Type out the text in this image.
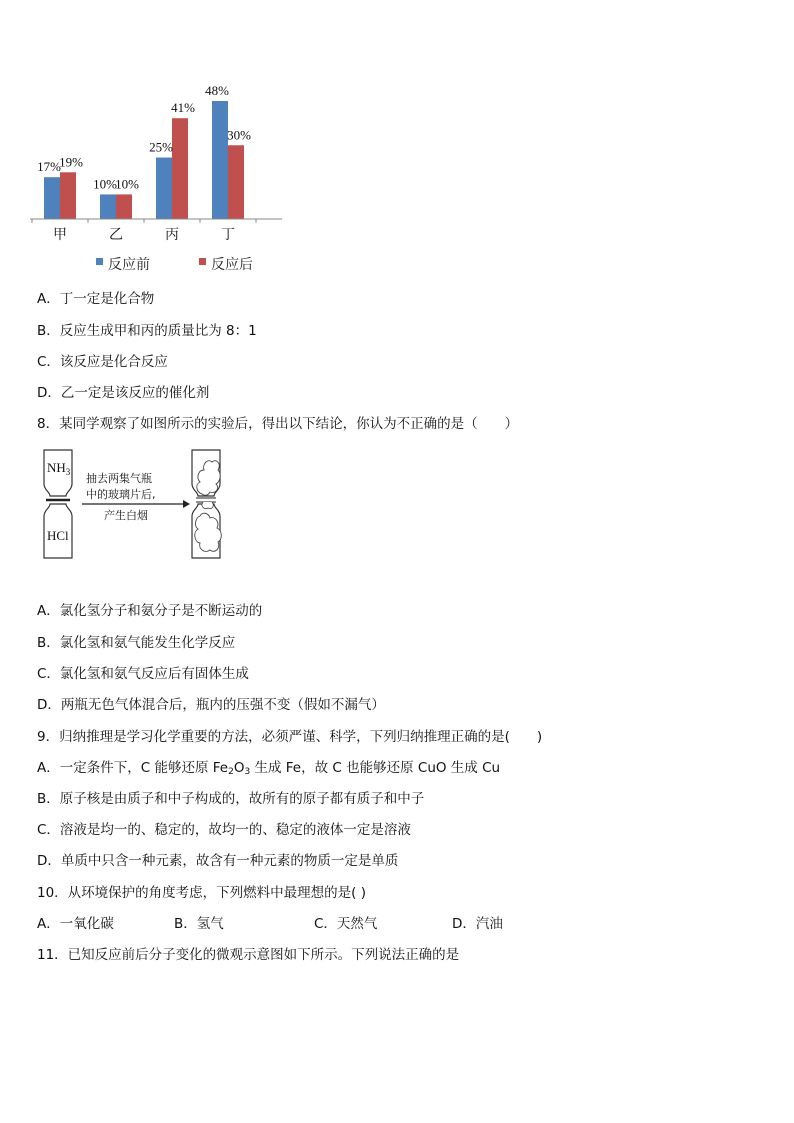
17%
19%
10%
10%
25%
41%
48%
30%
甲	乙	丙	丁
反应前	反应后
A．丁一定是化合物
B．反应生成甲和丙的质量比为 8：1
C．该反应是化合反应
D．乙一定是该反应的催化剂
8．某同学观察了如图所示的实验后，得出以下结论，你认为不正确的是（　　）
$NH_3$
HCl
抽去两集气瓶
中的玻璃片后,
产生白烟
A．氯化氢分子和氨分子是不断运动的
B．氯化氢和氨气能发生化学反应
C．氯化氢和氨气反应后有固体生成
D．两瓶无色气体混合后，瓶内的压强不变（假如不漏气）
9．归纳推理是学习化学重要的方法，必须严谨、科学，下列归纳推理正确的是(　　)
A．一定条件下，C 能够还原 $Fe_2O_3$ 生成 Fe，故 C 也能够还原 CuO 生成 Cu
B．原子核是由质子和中子构成的，故所有的原子都有质子和中子
C．溶液是均一的、稳定的，故均一的、稳定的液体一定是溶液
D．单质中只含一种元素，故含有一种元素的物质一定是单质
10．从环境保护的角度考虑，下列燃料中最理想的是( )
A．一氧化碳	B．氢气	C．天然气	D．汽油
11．已知反应前后分子变化的微观示意图如下所示。下列说法正确的是
